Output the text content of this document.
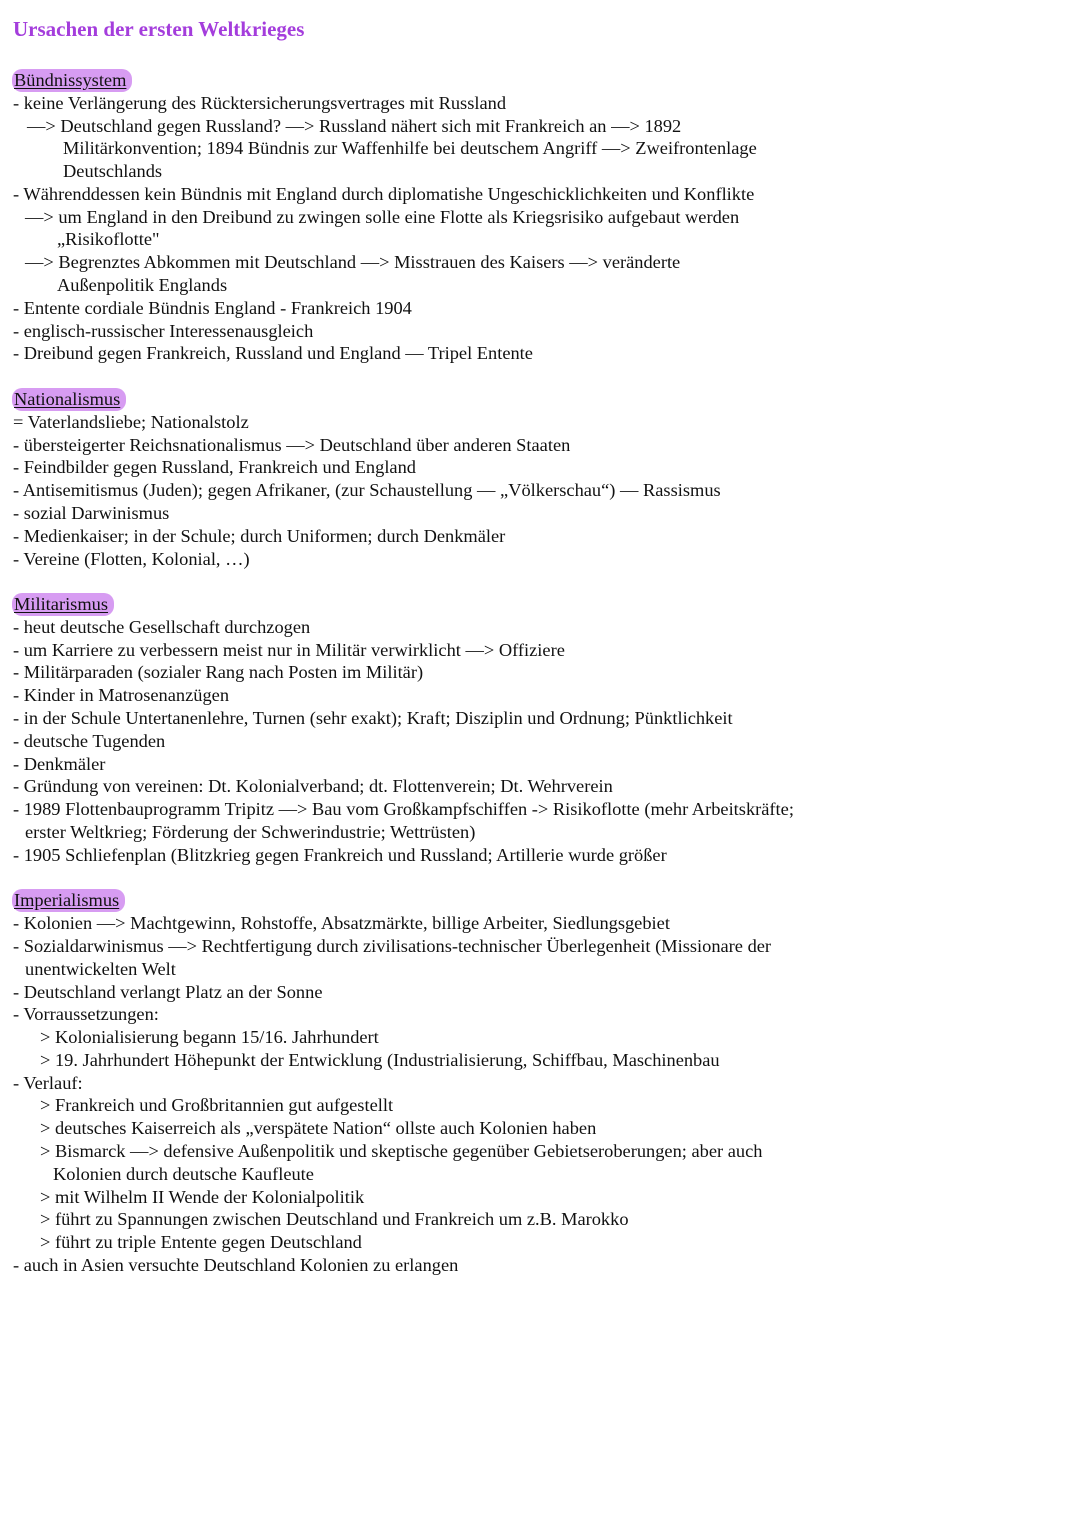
Ursachen der ersten Weltkrieges
Bündnissystem

- keine Verlängerung des Rücktersicherungsvertrages mit Russland

—> Deutschland gegen Russland? —> Russland nähert sich mit Frankreich an —> 1892

Militärkonvention; 1894 Bündnis zur Waffenhilfe bei deutschem Angriff —> Zweifrontenlage

Deutschlands

- Währenddessen kein Bündnis mit England durch diplomatishe Ungeschicklichkeiten und Konflikte

—> um England in den Dreibund zu zwingen solle eine Flotte als Kriegsrisiko aufgebaut werden

„Risikoflotte"

—> Begrenztes Abkommen mit Deutschland —> Misstrauen des Kaisers —> veränderte

Außenpolitik Englands

- Entente cordiale Bündnis England - Frankreich 1904

- englisch-russischer Interessenausgleich

- Dreibund gegen Frankreich, Russland und England — Tripel Entente

Nationalismus

= Vaterlandsliebe; Nationalstolz

- übersteigerter Reichsnationalismus —> Deutschland über anderen Staaten

- Feindbilder gegen Russland, Frankreich und England

- Antisemitismus (Juden); gegen Afrikaner, (zur Schaustellung — „Völkerschau“) — Rassismus

- sozial Darwinismus

- Medienkaiser; in der Schule; durch Uniformen; durch Denkmäler

- Vereine (Flotten, Kolonial, …)

Militarismus

- heut deutsche Gesellschaft durchzogen

- um Karriere zu verbessern meist nur in Militär verwirklicht —> Offiziere

- Militärparaden (sozialer Rang nach Posten im Militär)

- Kinder in Matrosenanzügen

- in der Schule Untertanenlehre, Turnen (sehr exakt); Kraft; Disziplin und Ordnung; Pünktlichkeit

- deutsche Tugenden

- Denkmäler

- Gründung von vereinen: Dt. Kolonialverband; dt. Flottenverein; Dt. Wehrverein

- 1989 Flottenbauprogramm Tripitz —> Bau vom Großkampfschiffen -> Risikoflotte (mehr Arbeitskräfte;

erster Weltkrieg; Förderung der Schwerindustrie; Wettrüsten)

- 1905 Schliefenplan (Blitzkrieg gegen Frankreich und Russland; Artillerie wurde größer

Imperialismus

- Kolonien —> Machtgewinn, Rohstoffe, Absatzmärkte, billige Arbeiter, Siedlungsgebiet

- Sozialdarwinismus —> Rechtfertigung durch zivilisations-technischer Überlegenheit (Missionare der

unentwickelten Welt

- Deutschland verlangt Platz an der Sonne

- Vorraussetzungen:

> Kolonialisierung begann 15/16. Jahrhundert

> 19. Jahrhundert Höhepunkt der Entwicklung (Industrialisierung, Schiffbau, Maschinenbau

- Verlauf:

> Frankreich und Großbritannien gut aufgestellt

> deutsches Kaiserreich als „verspätete Nation“ ollste auch Kolonien haben

> Bismarck —> defensive Außenpolitik und skeptische gegenüber Gebietseroberungen; aber auch

Kolonien durch deutsche Kaufleute

> mit Wilhelm II Wende der Kolonialpolitik

> führt zu Spannungen zwischen Deutschland und Frankreich um z.B. Marokko

> führt zu triple Entente gegen Deutschland

- auch in Asien versuchte Deutschland Kolonien zu erlangen
